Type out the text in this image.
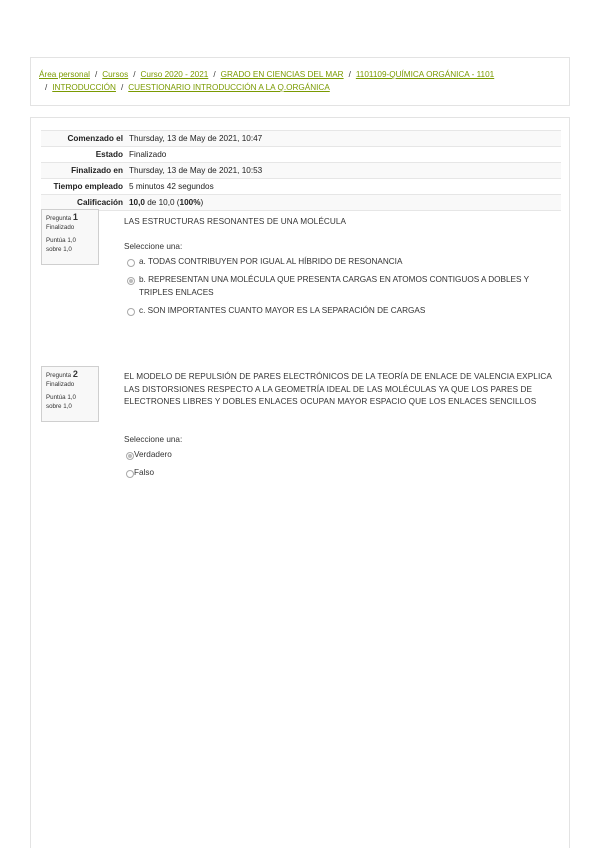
Área personal / Cursos / Curso 2020 - 2021 / GRADO EN CIENCIAS DEL MAR / 1101109-QUÍMICA ORGÁNICA - 1101
/ INTRODUCCIÓN / CUESTIONARIO INTRODUCCIÓN A LA Q.ORGÁNICA
Comenzado el	Thursday, 13 de May de 2021, 10:47
Estado	Finalizado
Finalizado en	Thursday, 13 de May de 2021, 10:53
Tiempo empleado	5 minutos 42 segundos
Calificación	10,0 de 10,0 (100%)
Pregunta 1
Finalizado

Puntúa 1,0 sobre 1,0
LAS ESTRUCTURAS RESONANTES DE UNA MOLÉCULA
Seleccione una:
a. TODAS CONTRIBUYEN POR IGUAL AL HÍBRIDO DE RESONANCIA
b. REPRESENTAN UNA MOLÉCULA QUE PRESENTA CARGAS EN ATOMOS CONTIGUOS A DOBLES Y TRIPLES ENLACES
c. SON IMPORTANTES CUANTO MAYOR ES LA SEPARACIÓN DE CARGAS
Pregunta 2
Finalizado

Puntúa 1,0 sobre 1,0
EL MODELO DE REPULSIÓN DE PARES ELECTRÓNICOS DE LA TEORÍA DE ENLACE DE VALENCIA EXPLICA LAS DISTORSIONES RESPECTO A LA GEOMETRÍA IDEAL DE LAS MOLÉCULAS YA QUE LOS PARES DE ELECTRONES LIBRES Y DOBLES ENLACES OCUPAN MAYOR ESPACIO QUE LOS ENLACES SENCILLOS
Seleccione una:
Verdadero
Falso
